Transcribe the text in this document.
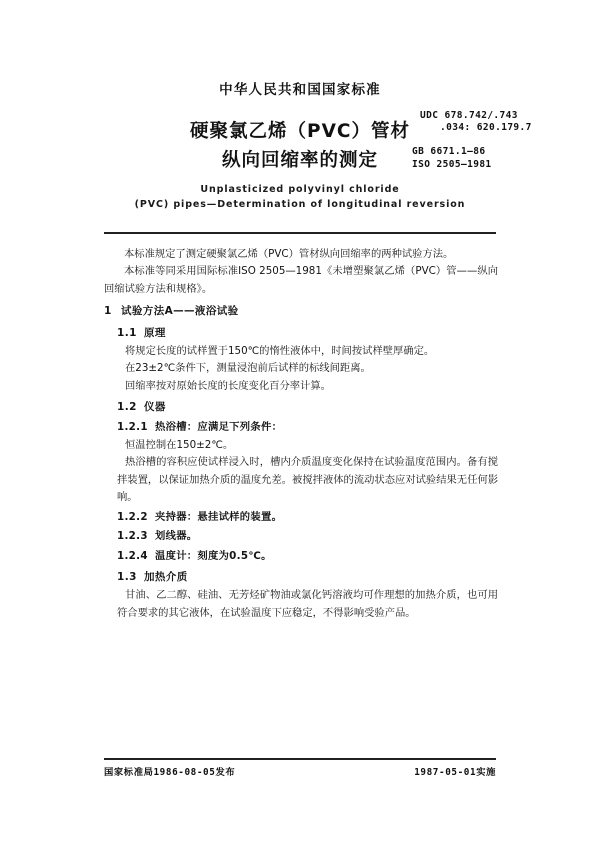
中华人民共和国国家标准
硬聚氯乙烯（PVC）管材
纵向回缩率的测定
Unplasticized polyvinyl chloride
(PVC) pipes—Determination of longitudinal reversion
UDC 678.742/.743
.034: 620.179.7
GB 6671.1—86
ISO 2505—1981

本标准规定了测定硬聚氯乙烯（PVC）管材纵向回缩率的两种试验方法。

本标准等同采用国际标准ISO 2505—1981《未增塑聚氯乙烯（PVC）管——纵向回缩试验方法和规格》。

1 试验方法A——液浴试验

1.1 原理

将规定长度的试样置于150℃的惰性液体中，时间按试样壁厚确定。

在23±2℃条件下，测量浸泡前后试样的标线间距离。

回缩率按对原始长度的长度变化百分率计算。

1.2 仪器

1.2.1 热浴槽：应满足下列条件：

恒温控制在150±2℃。

热浴槽的容积应使试样浸入时，槽内介质温度变化保持在试验温度范围内。备有搅拌装置，以保证加热介质的温度允差。被搅拌液体的流动状态应对试验结果无任何影响。

1.2.2 夹持器：悬挂试样的装置。

1.2.3 划线器。

1.2.4 温度计：刻度为0.5℃。

1.3 加热介质

甘油、乙二醇、硅油、无芳烃矿物油或氯化钙溶液均可作理想的加热介质，也可用符合要求的其它液体，在试验温度下应稳定，不得影响受验产品。

国家标准局1986-08-05发布	1987-05-01实施
